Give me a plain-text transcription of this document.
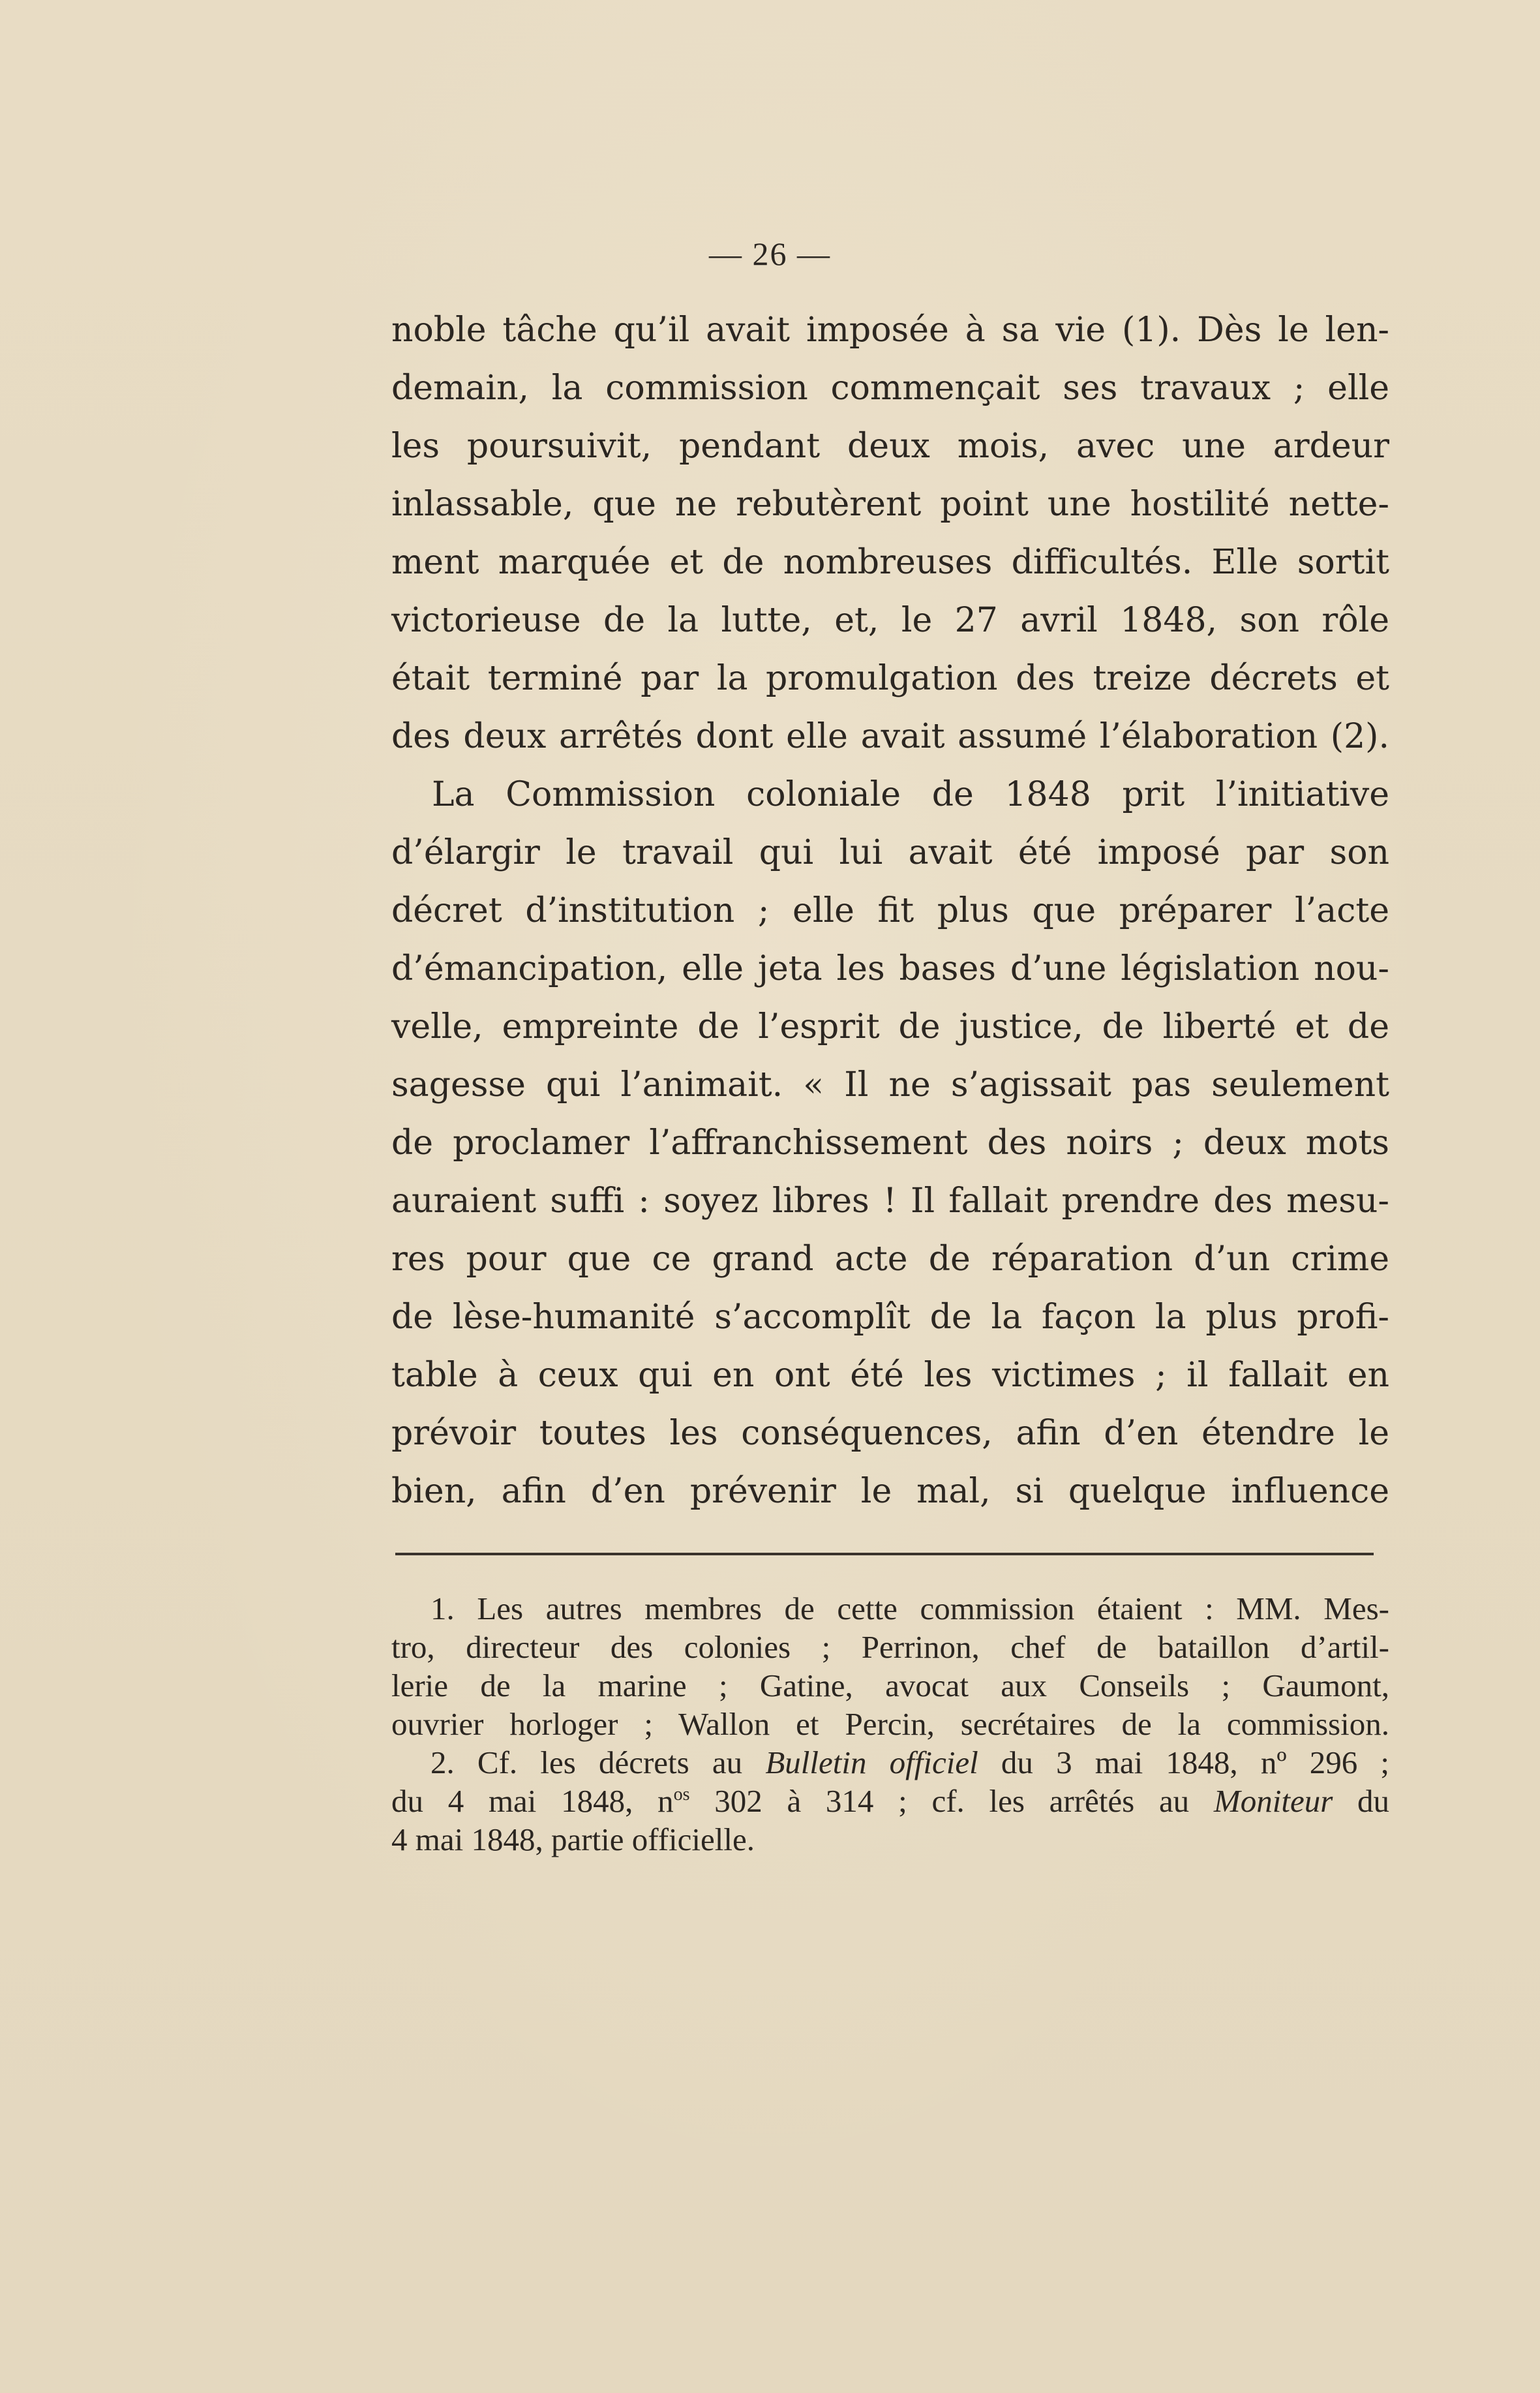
— 26 —

noble tâche qu’il avait imposée à sa vie (1). Dès le len-

demain, la commission commençait ses travaux ; elle

les poursuivit, pendant deux mois, avec une ardeur

inlassable, que ne rebutèrent point une hostilité nette-

ment marquée et de nombreuses difficultés. Elle sortit

victorieuse de la lutte, et, le 27 avril 1848, son rôle

était terminé par la promulgation des treize décrets et

des deux arrêtés dont elle avait assumé l’élaboration (2).

La Commission coloniale de 1848 prit l’initiative

d’élargir le travail qui lui avait été imposé par son

décret d’institution ; elle fit plus que préparer l’acte

d’émancipation, elle jeta les bases d’une législation nou-

velle, empreinte de l’esprit de justice, de liberté et de

sagesse qui l’animait. « Il ne s’agissait pas seulement

de proclamer l’affranchissement des noirs ; deux mots

auraient suffi : soyez libres ! Il fallait prendre des mesu-

res pour que ce grand acte de réparation d’un crime

de lèse-humanité s’accomplît de la façon la plus profi-

table à ceux qui en ont été les victimes ; il fallait en

prévoir toutes les conséquences, afin d’en étendre le

bien, afin d’en prévenir le mal, si quelque influence

1. Les autres membres de cette commission étaient : MM. Mes-

tro, directeur des colonies ; Perrinon, chef de bataillon d’artil-

lerie de la marine ; Gatine, avocat aux Conseils ; Gaumont,

ouvrier horloger ; Wallon et Percin, secrétaires de la commission.

2. Cf. les décrets au Bulletin officiel du 3 mai 1848, nº 296 ;

du 4 mai 1848, $n^{os}$ 302 à 314 ; cf. les arrêtés au Moniteur du

4 mai 1848, partie officielle.
